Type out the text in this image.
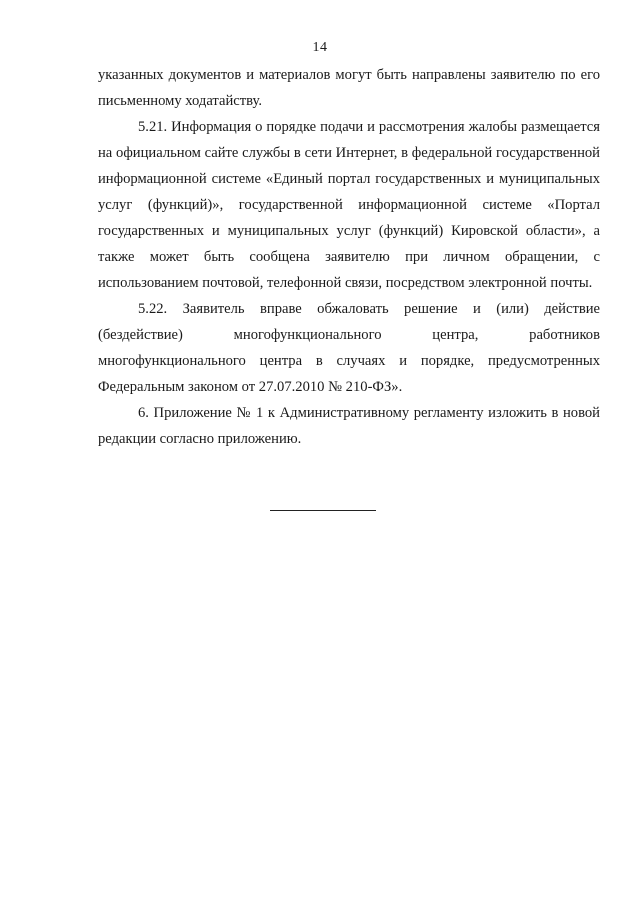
14

указанных документов и материалов могут быть направлены заявителю по его письменному ходатайству.

5.21. Информация о порядке подачи и рассмотрения жалобы размещается на официальном сайте службы в сети Интернет, в федеральной государственной информационной системе «Единый портал государственных и муниципальных услуг (функций)», государственной информационной системе «Портал государственных и муниципальных услуг (функций) Кировской области», а также может быть сообщена заявителю при личном обращении, с использованием почтовой, телефонной связи, посредством электронной почты.

5.22. Заявитель вправе обжаловать решение и (или) действие (бездействие) многофункционального центра, работников многофункционального центра в случаях и порядке, предусмотренных Федеральным законом от 27.07.2010 № 210-ФЗ».

6. Приложение № 1 к Административному регламенту изложить в новой редакции согласно приложению.
